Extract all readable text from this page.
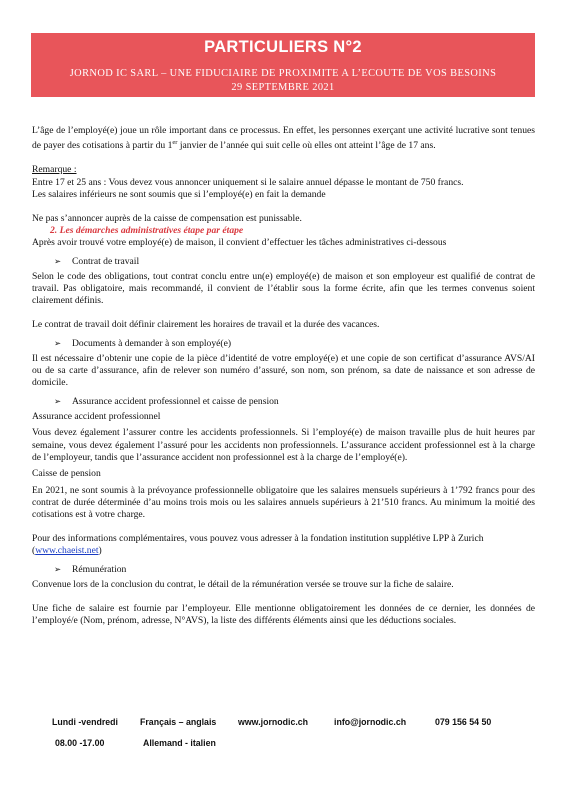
PARTICULIERS N°2
JORNOD IC SARL – UNE FIDUCIAIRE DE PROXIMITE A L’ECOUTE DE VOS BESOINS
29 SEPTEMBRE 2021

L’âge de l’employé(e) joue un rôle important dans ce processus. En effet, les personnes exerçant une activité lucrative sont tenues de payer des cotisations à partir du 1er janvier de l’année qui suit celle où elles ont atteint l’âge de 17 ans.

Remarque :

Entre 17 et 25 ans : Vous devez vous annoncer uniquement si le salaire annuel dépasse le montant de 750 francs.

Les salaires inférieurs ne sont soumis que si l’employé(e) en fait la demande

Ne pas s’annoncer auprès de la caisse de compensation est punissable.

2. Les démarches administratives étape par étape

Après avoir trouvé votre employé(e) de maison, il convient d’effectuer les tâches administratives ci-dessous

➢	Contrat de travail

Selon le code des obligations, tout contrat conclu entre un(e) employé(e) de maison et son employeur est qualifié de contrat de travail. Pas obligatoire, mais recommandé, il convient de l’établir sous la forme écrite, afin que les termes convenus soient clairement définis.

Le contrat de travail doit définir clairement les horaires de travail et la durée des vacances.

➢	Documents à demander à son employé(e)

Il est nécessaire d’obtenir une copie de la pièce d’identité de votre employé(e) et une copie de son certificat d’assurance AVS/AI ou de sa carte d’assurance, afin de relever son numéro d’assuré, son nom, son prénom, sa date de naissance et son adresse de domicile.

➢	Assurance accident professionnel et caisse de pension

Assurance accident professionnel

Vous devez également l’assurer contre les accidents professionnels. Si l’employé(e) de maison travaille plus de huit heures par semaine, vous devez également l’assuré pour les accidents non professionnels. L’assurance accident professionnel est à la charge de l’employeur, tandis que l’assurance accident non professionnel est à la charge de l’employé(e).

Caisse de pension

En 2021, ne sont soumis à la prévoyance professionnelle obligatoire que les salaires mensuels supérieurs à 1’792 francs pour des contrat de durée déterminée d’au moins trois mois ou les salaires annuels supérieurs à 21’510 francs. Au minimum la moitié des cotisations est à votre charge.

Pour des informations complémentaires, vous pouvez vous adresser à la fondation institution supplétive LPP à Zurich
(www.chaeist.net)

➢	Rémunération

Convenue lors de la conclusion du contrat, le détail de la rémunération versée se trouve sur la fiche de salaire.

Une fiche de salaire est fournie par l’employeur. Elle mentionne obligatoirement les données de ce dernier, les données de l’employé/e (Nom, prénom, adresse, N°AVS), la liste des différents éléments ainsi que les déductions sociales.

Lundi -vendredi
08.00 -17.00
Français – anglais
Allemand - italien
www.jornodic.ch	info@jornodic.ch	079 156 54 50
